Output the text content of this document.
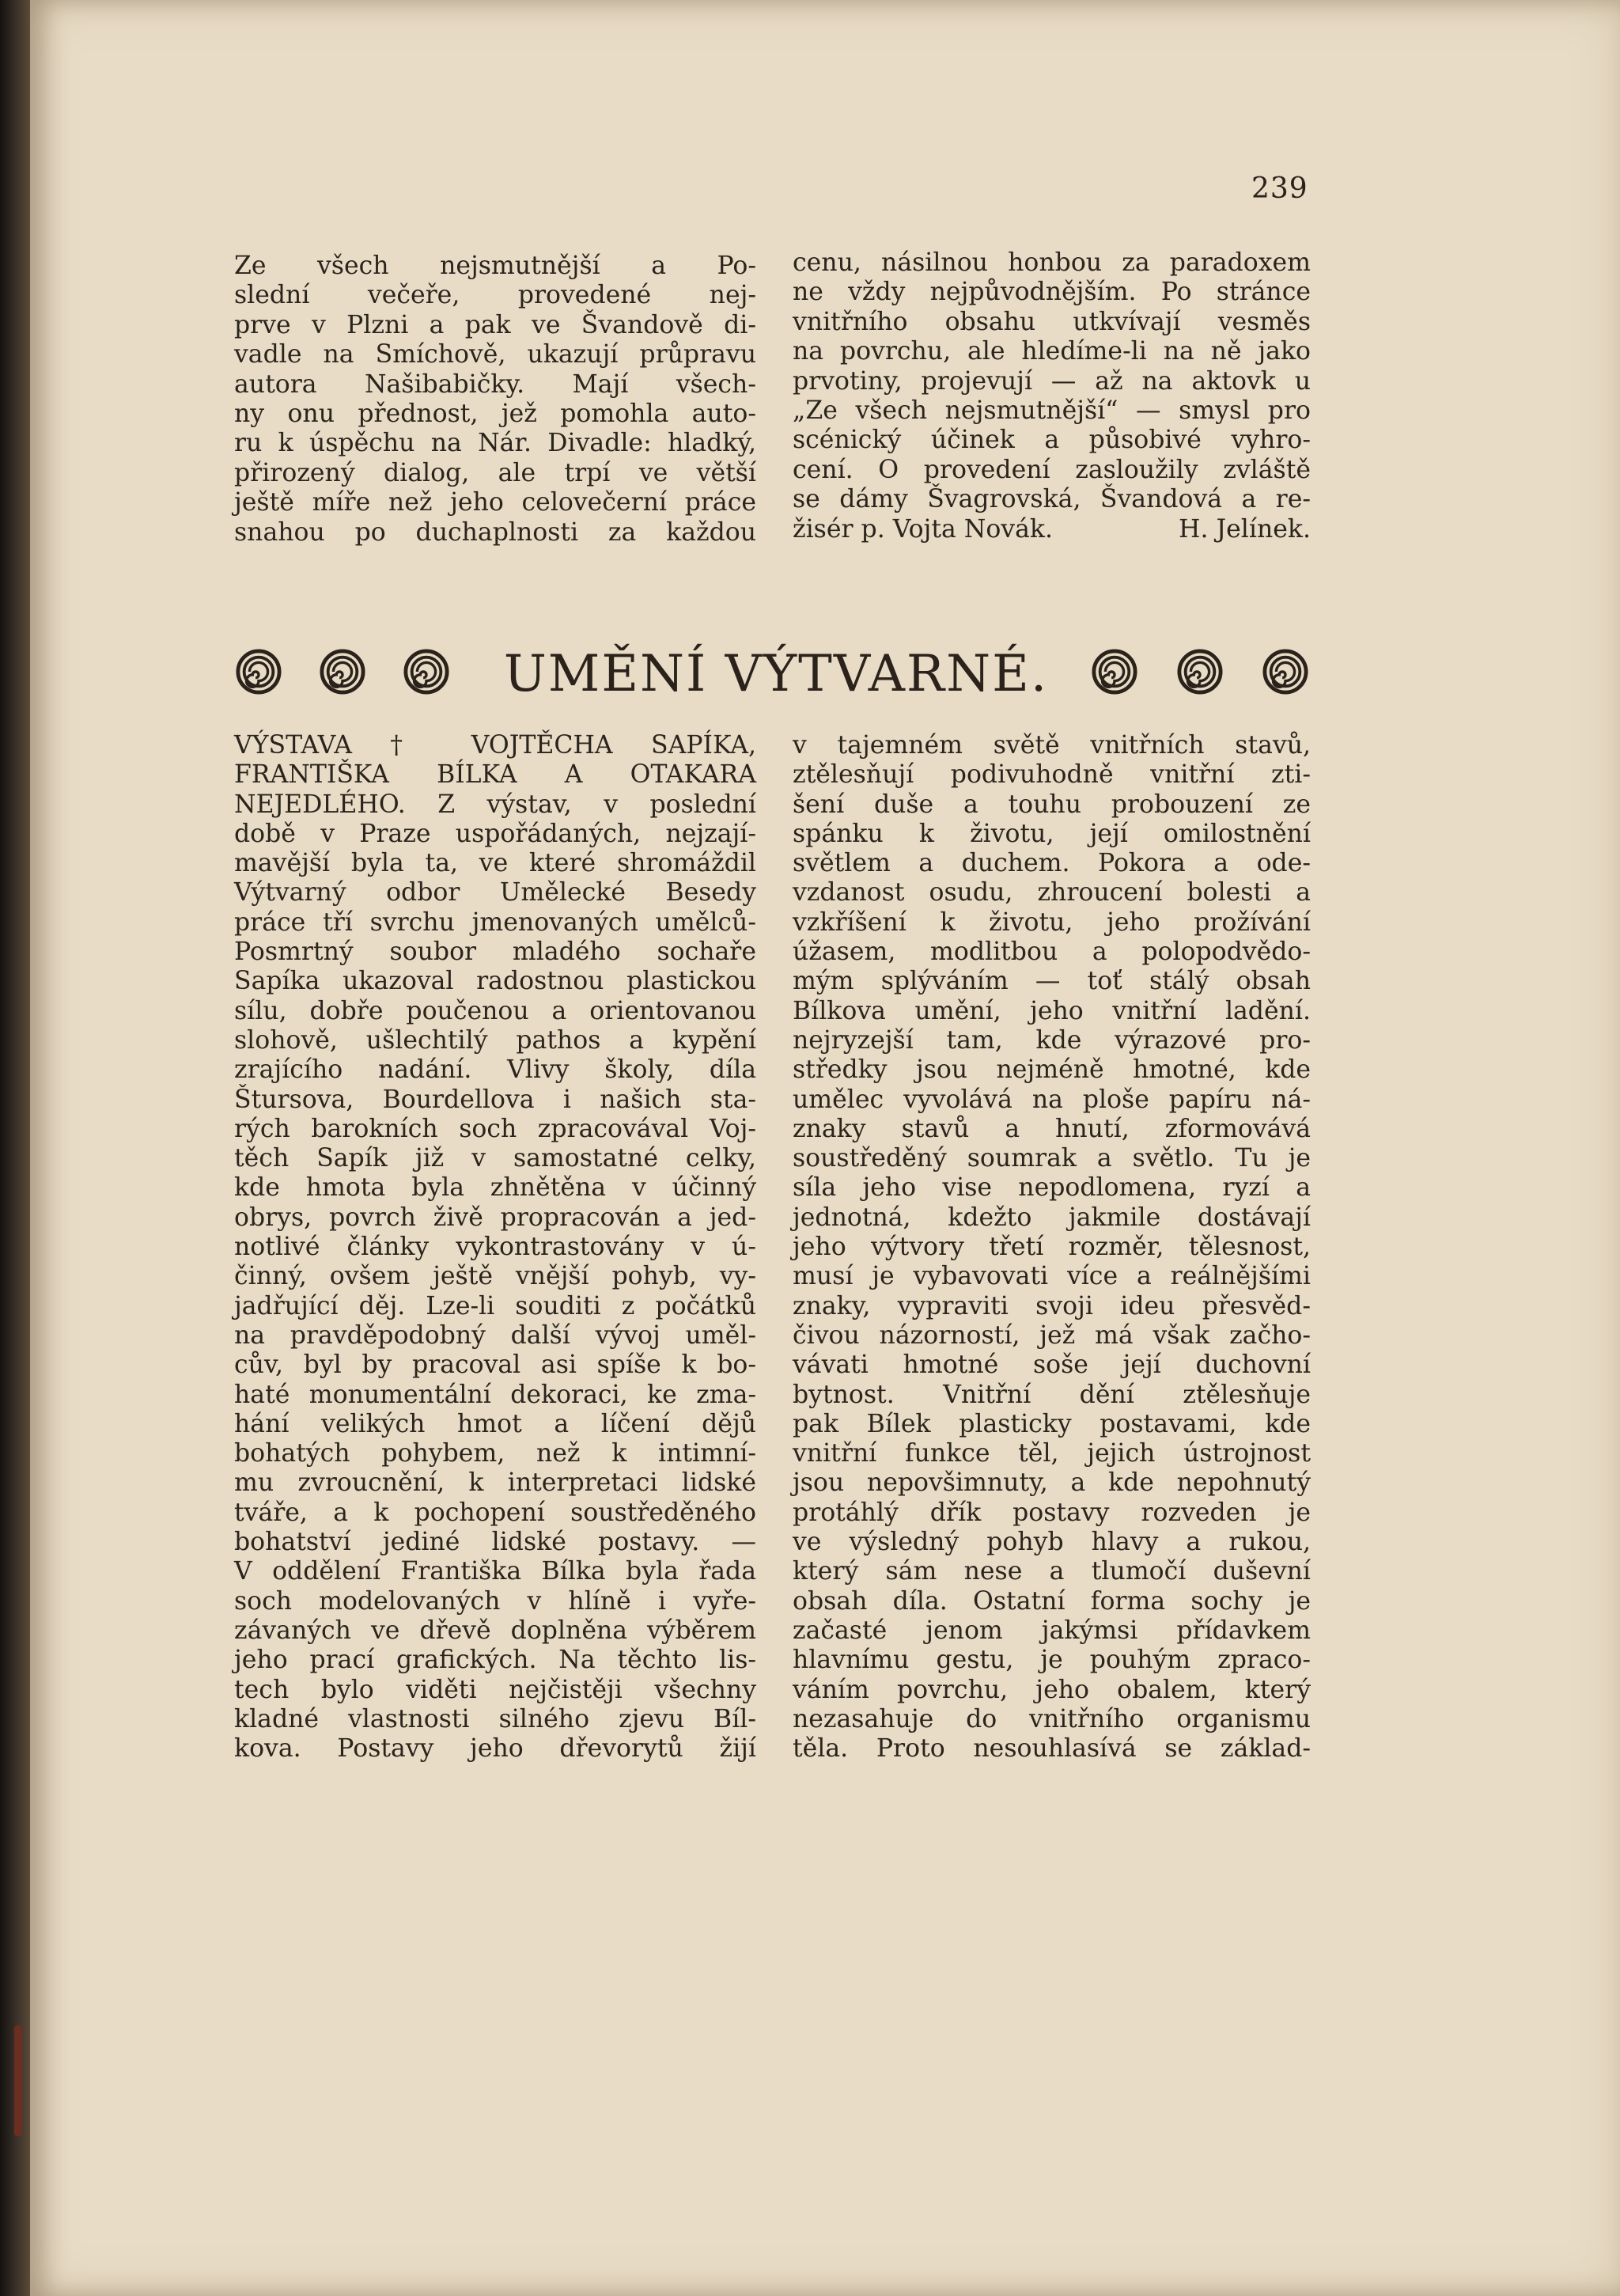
239

Ze všech nejsmutnější a Po-

slední večeře, provedené nej-

prve v Plzni a pak ve Švandově di-

vadle na Smíchově, ukazují průpravu

autora Našibabičky. Mají všech-

ny onu přednost, jež pomohla auto-

ru k úspěchu na Nár. Divadle: hladký,

přirozený dialog, ale trpí ve větší

ještě míře než jeho celovečerní práce

snahou po duchaplnosti za každou

cenu, násilnou honbou za paradoxem

ne vždy nejpůvodnějším. Po stránce

vnitřního obsahu utkvívají vesměs

na povrchu, ale hledíme-li na ně jako

prvotiny, projevují — až na aktovk u

„Ze všech nejsmutnější“ — smysl pro

scénický účinek a působivé vyhro-

cení. O provedení zasloužily zvláště

se dámy Švagrovská, Švandová a re-

žisér p. Vojta Novák.	H. Jelínek.

UMĚNÍ VÝTVARNÉ.

VÝSTAVA † VOJTĚCHA SAPÍKA,

FRANTIŠKA BÍLKA A OTAKARA

NEJEDLÉHO. Z výstav, v poslední

době v Praze uspořádaných, nejzají-

mavější byla ta, ve které shromáždil

Výtvarný odbor Umělecké Besedy

práce tří svrchu jmenovaných umělců-

Posmrtný soubor mladého sochaře

Sapíka ukazoval radostnou plastickou

sílu, dobře poučenou a orientovanou

slohově, ušlechtilý pathos a kypění

zrajícího nadání. Vlivy školy, díla

Štursova, Bourdellova i našich sta-

rých barokních soch zpracovával Voj-

těch Sapík již v samostatné celky,

kde hmota byla zhnětěna v účinný

obrys, povrch živě propracován a jed-

notlivé články vykontrastovány v ú-

činný, ovšem ještě vnější pohyb, vy-

jadřující děj. Lze-li souditi z počátků

na pravděpodobný další vývoj uměl-

cův, byl by pracoval asi spíše k bo-

haté monumentální dekoraci, ke zma-

hání velikých hmot a líčení dějů

bohatých pohybem, než k intimní-

mu zvroucnění, k interpretaci lidské

tváře, a k pochopení soustředěného

bohatství jediné lidské postavy. —

V oddělení Františka Bílka byla řada

soch modelovaných v hlíně i vyře-

závaných ve dřevě doplněna výběrem

jeho prací grafických. Na těchto lis-

tech bylo viděti nejčistěji všechny

kladné vlastnosti silného zjevu Bíl-

kova. Postavy jeho dřevorytů žijí

v tajemném světě vnitřních stavů,

ztělesňují podivuhodně vnitřní zti-

šení duše a touhu probouzení ze

spánku k životu, její omilostnění

světlem a duchem. Pokora a ode-

vzdanost osudu, zhroucení bolesti a

vzkříšení k životu, jeho prožívání

úžasem, modlitbou a polopodvědo-

mým splýváním — toť stálý obsah

Bílkova umění, jeho vnitřní ladění.

nejryzejší tam, kde výrazové pro-

středky jsou nejméně hmotné, kde

umělec vyvolává na ploše papíru ná-

znaky stavů a hnutí, zformovává

soustředěný soumrak a světlo. Tu je

síla jeho vise nepodlomena, ryzí a

jednotná, kdežto jakmile dostávají

jeho výtvory třetí rozměr, tělesnost,

musí je vybavovati více a reálnějšími

znaky, vypraviti svoji ideu přesvěd-

čivou názorností, jež má však začho-

vávati hmotné soše její duchovní

bytnost. Vnitřní dění ztělesňuje

pak Bílek plasticky postavami, kde

vnitřní funkce těl, jejich ústrojnost

jsou nepovšimnuty, a kde nepohnutý

protáhlý dřík postavy rozveden je

ve výsledný pohyb hlavy a rukou,

který sám nese a tlumočí duševní

obsah díla. Ostatní forma sochy je

začasté jenom jakýmsi přídavkem

hlavnímu gestu, je pouhým zpraco-

váním povrchu, jeho obalem, který

nezasahuje do vnitřního organismu

těla. Proto nesouhlasívá se základ-
